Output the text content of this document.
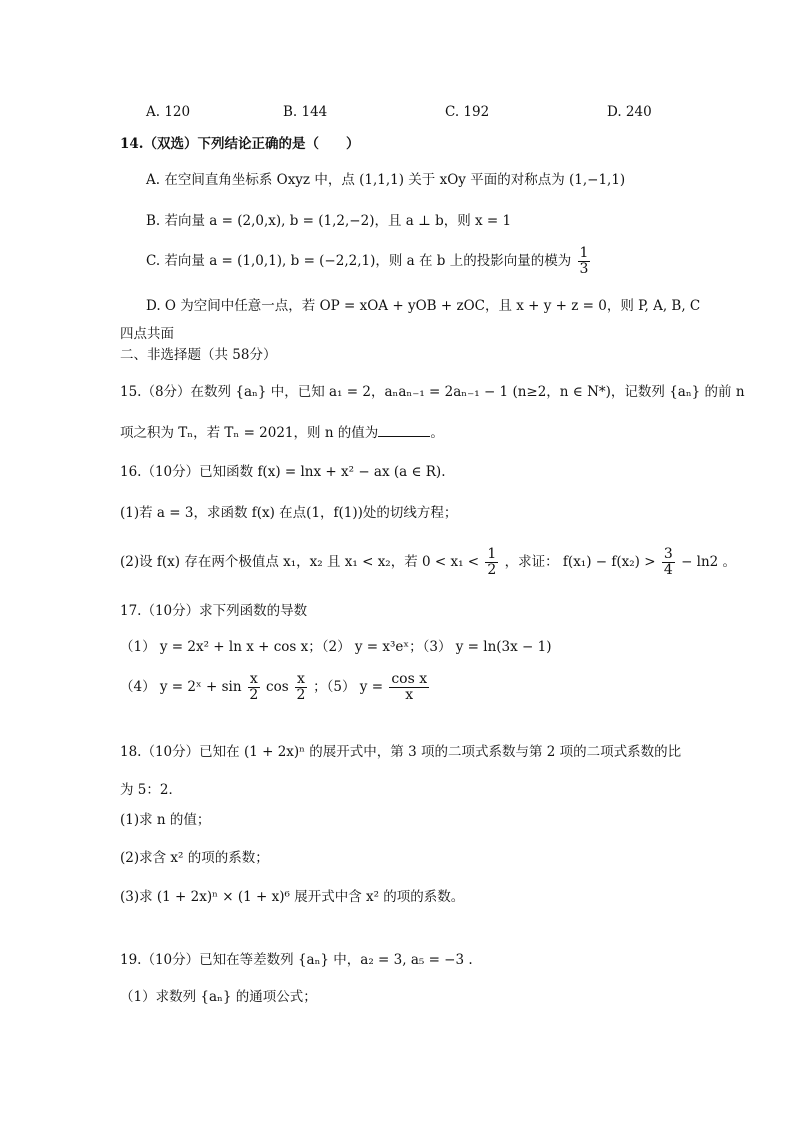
A. 120	B. 144	C. 192	D. 240
14.（双选）下列结论正确的是（　　）
A. 在空间直角坐标系 Oxyz 中，点 (1,1,1) 关于 xOy 平面的对称点为 (1,−1,1)
B. 若向量 a = (2,0,x), b = (1,2,−2)，且 a ⊥ b，则 x = 1
C. 若向量 a = (1,0,1), b = (−2,2,1)，则 a 在 b 上的投影向量的模为 $\frac{1}{3}$
D. O 为空间中任意一点，若 OP = xOA + yOB + zOC，且 x + y + z = 0，则 P, A, B, C
四点共面
二、非选择题（共 58分）
15.（8分）在数列 {aₙ} 中，已知 a₁ = 2，aₙaₙ₋₁ = 2aₙ₋₁ − 1 (n≥2，n ∈ N*)，记数列 {aₙ} 的前 n
项之积为 Tₙ，若 Tₙ = 2021，则 n 的值为	。
16.（10分）已知函数 f(x) = lnx + x² − ax (a ∈ R).
(1)若 a = 3，求函数 f(x) 在点(1，f(1))处的切线方程；
(2)设 f(x) 存在两个极值点 x₁，x₂ 且 x₁ < x₂，若 $0 < x_1 < \frac{1}{2}$ ，求证： $f(x_1) - f(x_2) > \frac{3}{4} - \ln 2$ 。
17.（10分）求下列函数的导数
（1） y = 2x² + ln x + cos x；（2） y = x³eˣ；（3） y = ln(3x − 1)
（4） y = 2ˣ + $\sin \frac{x}{2}$ $\cos \frac{x}{2}$ ；（5） $y = \frac{\text{cos x}}{x}$
18.（10分）已知在 (1 + 2x)ⁿ 的展开式中，第 3 项的二项式系数与第 2 项的二项式系数的比
为 5：2．
(1)求 n 的值；
(2)求含 x² 的项的系数；
(3)求 (1 + 2x)ⁿ × (1 + x)⁶ 展开式中含 x² 的项的系数。
19.（10分）已知在等差数列 {aₙ} 中，a₂ = 3, a₅ = −3 .
（1）求数列 {aₙ} 的通项公式；
